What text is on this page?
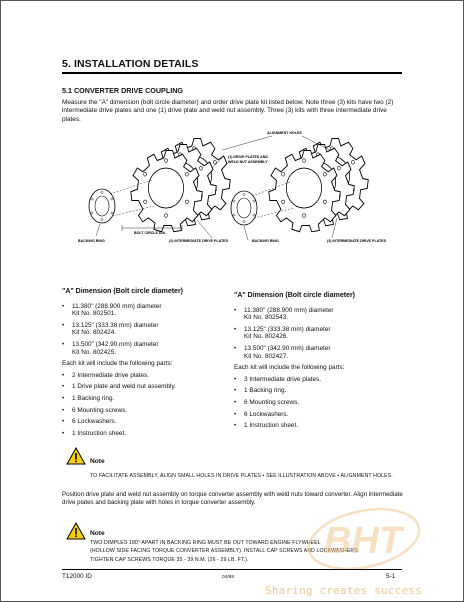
5. INSTALLATION DETAILS
5.1 CONVERTER DRIVE COUPLING
Measure the "A" dimension (bolt circle diameter) and order drive plate kit listed below. Note three (3) kits have two (2) intermediate drive plates and one (1) drive plate and weld nut assembly. Three (3) kits with three intermediate drive plates.
ALIGNMENT HOLES
(1) DRIVE PLATES AND
WELD NUT ASSEMBLY
BOLT CIRCLE DIA.
BACKING RING	(2) INTERMEDIATE DRIVE PLATES	BACKING RING	(3) INTERMEDIATE DRIVE PLATES
"A" Dimension (Bolt circle diameter)
• 11.380" (288.900 mm) diameter
Kit No. 802501.
• 13.125" (333.38 mm) diameter
Kit No. 802424.
• 13.500" (342.90 mm) diameter
Kit No. 802425.

Each kit will include the following parts:

• 2 Intermediate drive plates.
• 1 Drive plate and weld nut assembly.
• 1 Backing ring.
• 6 Mounting screws.
• 6 Lockwashers.
• 1 Instruction sheet.
"A" Dimension (Bolt circle diameter)
• 11.380" (288.900 mm) diameter
Kit No. 802543.
• 13.125" (333.38 mm) diameter
Kit No. 802426.
• 13.500" (342.90 mm) diameter
Kit No. 802427.

Each kit will include the following parts:

• 3 Intermediate drive plates.
• 1 Backing ring.
• 6 Mounting screws.
• 6 Lockwashers.
• 1 Instruction sheet.
Note
TO FACILITATE ASSEMBLY, ALIGN SMALL HOLES IN DRIVE PLATES • SEE ILLUSTRATION ABOVE • ALIGNMENT HOLES.
Position drive plate and weld nut assembly on torque converter assembly with weld nuts toward converter. Align intermediate drive plates and backing plate with holes in torque converter assembly.
Note
TWO DIMPLES 180° APART IN BACKING RING MUST BE OUT TOWARD ENGINE FLYWHEEL
(HOLLOW SIDE FACING TORQUE CONVERTER ASSEMBLY). INSTALL CAP SCREWS AND LOCKWASHERS.
TIGHTEN CAP SCREWS TORQUE 35 - 39 N.M. (26 - 29 LB. FT.).	BHT
T12000 ID	04/99	5-1
Sharing creates success
